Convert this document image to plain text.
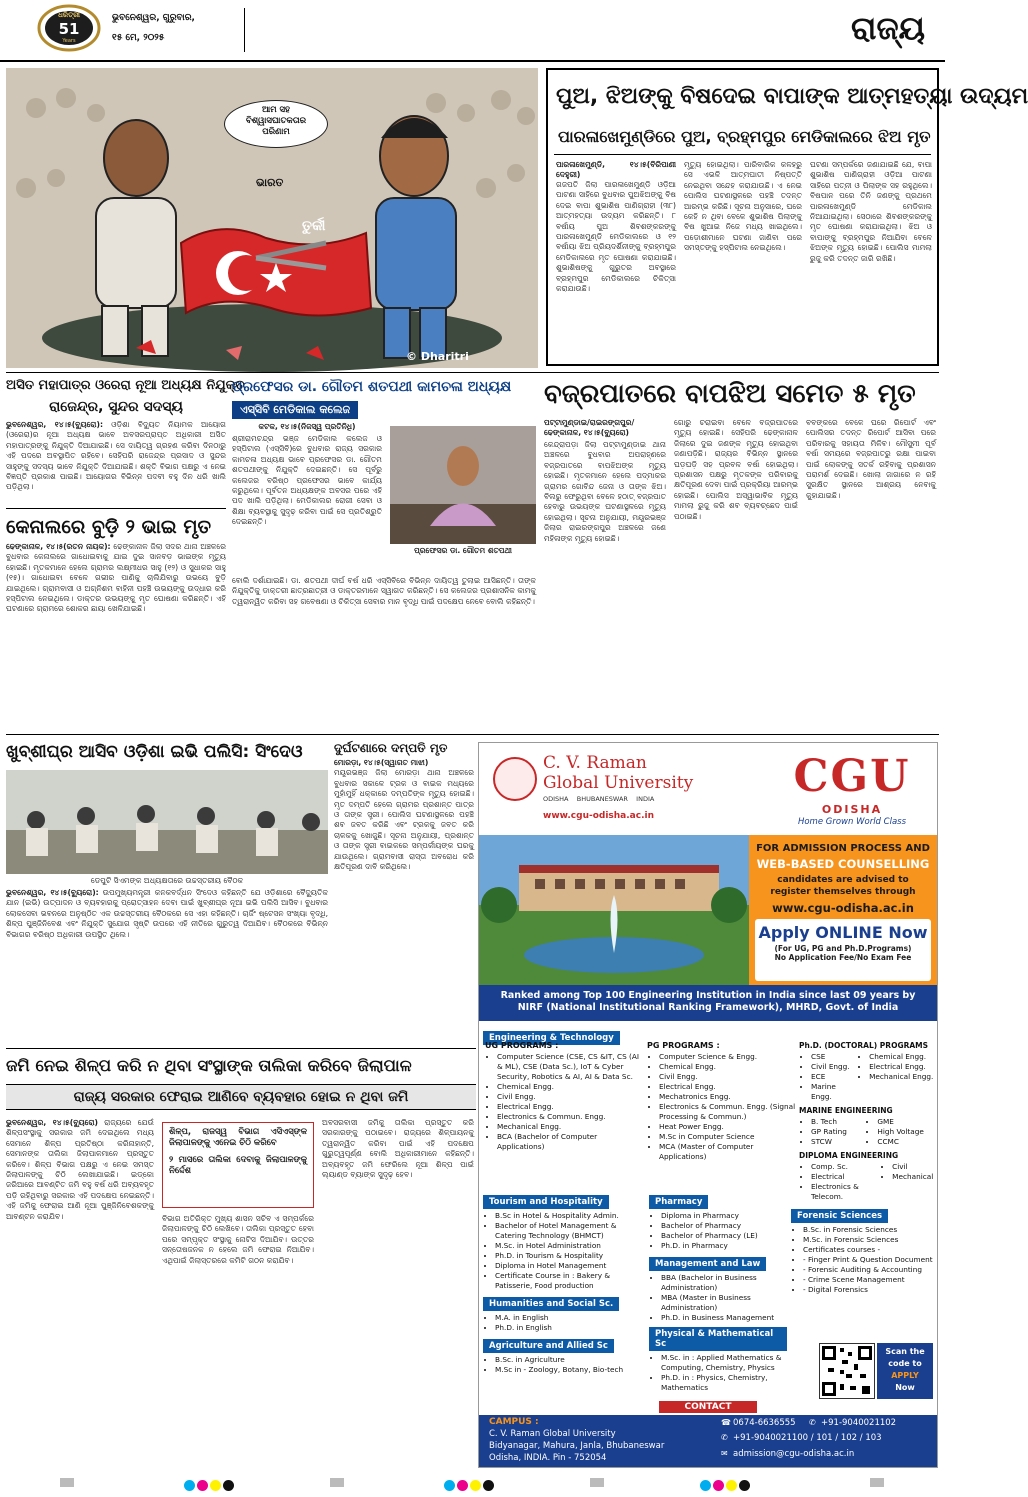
ଧରିତ୍ରୀ
51
Years
ଭୁବନେଶ୍ୱର, ଗୁରୁବାର,
୧୫ ମେ, ୨୦୨୫	ରାଜ୍ୟ
ଆମ ସହ
ବିଶ୍ୱାସଘାତକତାର
ପରିଣାମ
ଭାରତ
ତୁର୍କୀ
© Dharitri
ପୁଅ, ଝିଅଙ୍କୁ ବିଷଦେଇ ବାପାଙ୍କ ଆତ୍ମହତ୍ୟା ଉଦ୍ୟମ
ପାରଳାଖେମୁଣ୍ଡିରେ ପୁଅ, ବ୍ରହ୍ମପୁର ମେଡିକାଲରେ ଝିଅ ମୃତ
ପାରଳାଖେମୁଣ୍ଡି, ୧୪।୫(ବିରିପାଣୀ ଦେହୁରୀ)
ଗଜପତି ଜିଲା ପାରଳାଖେମୁଣ୍ଡି ଓଡ଼ିଆ ପାଟଣା ସାହିରେ ବୁଧବାର ପୁଅଝିଅଙ୍କୁ ବିଷ ଦେଇ ବାପା ଶୁଭାଶିଷ ପାଣିଗ୍ରାହୀ (୩୮) ଆତ୍ମହତ୍ୟା ଉଦ୍ୟମ କରିଛନ୍ତି। ୮ ବର୍ଷୀୟ ପୁଅ ଶିବଶଙ୍କରଙ୍କୁ ପାରଳାଖେମୁଣ୍ଡି ମେଡିକାଲରେ ଓ ୧୨ ବର୍ଷୀୟା ଝିଅ ପ୍ରିୟଦର୍ଶିନୀଙ୍କୁ ବ୍ରହ୍ମପୁର ମେଡିକାଲରେ ମୃତ ଘୋଷଣା କରାଯାଇଛି। ଶୁଭାଶିଷଙ୍କୁ ଗୁରୁତର ଅବସ୍ଥାରେ ବ୍ରହ୍ମପୁର ମେଡିକାଲରେ ଚିକିତ୍ସା କରାଯାଉଛି।
ମୃତ୍ୟୁ ହୋଇଥିଲା। ପାରିବାରିକ କଳହରୁ ସେ ଏଭଳି ଆତ୍ମଘାତୀ ନିଷ୍ପତ୍ତି ନେଇଥିବା ସନ୍ଦେହ କରାଯାଉଛି। ଏ ନେଇ ପୋଲିସ ଘଟଣାସ୍ଥଳରେ ପହଞ୍ଚି ତଦନ୍ତ ଆରମ୍ଭ କରିଛି। ସୂଚନା ଅନୁସାରେ, ଘରେ କେହି ନ ଥିବା ବେଳେ ଶୁଭାଶିଷ ପିଲାଙ୍କୁ ବିଷ ଖୁଆଇ ନିଜେ ମଧ୍ୟ ଖାଇଥିଲେ। ପଡ଼ୋଶୀମାନେ ଘଟଣା ଜାଣିବା ପରେ ସମସ୍ତଙ୍କୁ ହସ୍ପିଟାଲ ନେଇଥିଲେ।
ଘଟଣା ସମ୍ପର୍କରେ ଜଣାଯାଇଛି ଯେ, ବାପା ଶୁଭାଶିଷ ପାଣିଗ୍ରାହୀ ଓଡ଼ିଆ ପାଟଣା ସାହିରେ ପତ୍ନୀ ଓ ପିଲାଙ୍କ ସହ ରହୁଥିଲେ। ବିଷପାନ ପରେ ତିନି ଜଣଙ୍କୁ ପ୍ରଥମେ ପାରଳାଖେମୁଣ୍ଡି ମେଡିକାଲ ନିଆଯାଇଥିଲା। ସେଠାରେ ଶିବଶଙ୍କରଙ୍କୁ ମୃତ ଘୋଷଣା କରାଯାଇଥିଲା। ଝିଅ ଓ ବାପାଙ୍କୁ ବ୍ରହ୍ମପୁର ନିଆଯିବା ବେଳେ ଝିଅଙ୍କ ମୃତ୍ୟୁ ହୋଇଛି। ପୋଲିସ ମାମଲା ରୁଜୁ କରି ତଦନ୍ତ ଜାରି ରଖିଛି।
ଅସିତ ମହାପାତ୍ର ଓରେରା ନୂଆ ଅଧ୍ୟକ୍ଷ ନିଯୁକ୍ତ
ରାଜେନ୍ଦ୍ର, ସୁନ୍ଦର ସଦସ୍ୟ
ଭୁବନେଶ୍ୱର, ୧୪।୫(ବ୍ୟୁରୋ): ଓଡ଼ିଶା ବିଦ୍ୟୁତ ନିୟାମକ ଆୟୋଗ (ଓରେରା)ର ନୂଆ ଅଧ୍ୟକ୍ଷ ଭାବେ ଅବସରପ୍ରାପ୍ତ ଅଧିକାରୀ ଅସିତ ମହାପାତ୍ରଙ୍କୁ ନିଯୁକ୍ତି ଦିଆଯାଇଛି। ସେ ଦାୟିତ୍ୱ ଗ୍ରହଣ କରିବା ଦିନଠାରୁ ଏହି ପଦରେ ଅବସ୍ଥାପିତ ରହିବେ। ସେହିପରି ରାଜେନ୍ଦ୍ର ପ୍ରସାଦ ଓ ସୁନ୍ଦର ସାହୁଙ୍କୁ ସଦସ୍ୟ ଭାବେ ନିଯୁକ୍ତି ଦିଆଯାଇଛି। ଶକ୍ତି ବିଭାଗ ପକ୍ଷରୁ ଏ ନେଇ ବିଜ୍ଞପ୍ତି ପ୍ରକାଶ ପାଇଛି। ଆୟୋଗର ବିଭିନ୍ନ ପଦବୀ ବହୁ ଦିନ ଧରି ଖାଲି ପଡ଼ିଥିଲା।
କେନାଲରେ ବୁଡ଼ି ୨ ଭାଇ ମୃତ
ଢେଙ୍କାନାଳ, ୧୪।୫(ରତନ ନାୟକ): ଢେଙ୍କାନାଳ ଜିଲା ସଦର ଥାନା ଅଞ୍ଚଳରେ ବୁଧବାର କେନାଲରେ ଗାଧୋଇବାକୁ ଯାଇ ଦୁଇ ସାନବଡ଼ ଭାଇଙ୍କ ମୃତ୍ୟୁ ହୋଇଛି। ମୃତକମାନେ ହେଲେ ଗ୍ରାମର ଲକ୍ଷ୍ମୀଧର ସାହୁ (୧୨) ଓ ସୁଧାକର ସାହୁ (୧୫)। ଗାଧୋଇବା ବେଳେ ଗଭୀର ପାଣିକୁ ଚାଲିଯିବାରୁ ଉଭୟେ ବୁଡ଼ି ଯାଇଥିଲେ। ଗ୍ରାମବାସୀ ଓ ଅଗ୍ନିଶମ ବାହିନୀ ପହଞ୍ଚି ଉଭୟଙ୍କୁ ଉଦ୍ଧାର କରି ହସ୍ପିଟାଲ ନେଇଥିଲେ। ଡାକ୍ତର ଉଭୟଙ୍କୁ ମୃତ ଘୋଷଣା କରିଛନ୍ତି। ଏହି ଘଟଣାରେ ଗ୍ରାମରେ ଶୋକର ଛାୟା ଖେଳିଯାଇଛି।
ପ୍ରଫେସର ଡା. ଗୌତମ ଶତପଥୀ କାମଚଳା ଅଧ୍ୟକ୍ଷ
ଏସ୍‌ସିବି ମେଡିକାଲ କଲେଜ
କଟକ, ୧୪।୫(ନିଜସ୍ୱ ପ୍ରତିନିଧି)
ଶ୍ରୀରାମଚନ୍ଦ୍ର ଭଞ୍ଜ ମେଡିକାଲ କଲେଜ ଓ ହସ୍ପିଟାଲ (ଏସ୍‌ସିବି)ରେ ବୁଧବାର ରାଜ୍ୟ ସରକାର କାମଚଳା ଅଧ୍ୟକ୍ଷ ଭାବେ ପ୍ରଫେସର ଡା. ଗୌତମ ଶତପଥୀଙ୍କୁ ନିଯୁକ୍ତି ଦେଇଛନ୍ତି। ସେ ପୂର୍ବରୁ କଲେଜର ବରିଷ୍ଠ ପ୍ରଫେସର ଭାବେ କାର୍ଯ୍ୟ କରୁଥିଲେ। ପୂର୍ବତନ ଅଧ୍ୟକ୍ଷଙ୍କ ଅବସର ପରେ ଏହି ପଦ ଖାଲି ପଡ଼ିଥିଲା। ମେଡିକାଲର ରୋଗୀ ସେବା ଓ ଶିକ୍ଷା ବ୍ୟବସ୍ଥାକୁ ସୁଦୃଢ଼ କରିବା ପାଇଁ ସେ ପ୍ରତିଶ୍ରୁତି ଦେଇଛନ୍ତି।
ପ୍ରଫେସର ଡା. ଗୌତମ ଶତପଥୀ
ବୋଲି ଦର୍ଶାଯାଇଛି। ଡା. ଶତପଥୀ ଦୀର୍ଘ ବର୍ଷ ଧରି ଏସ୍‌ସିବିରେ ବିଭିନ୍ନ ଦାୟିତ୍ୱ ତୁଲାଇ ଆସିଛନ୍ତି। ତାଙ୍କ ନିଯୁକ୍ତିକୁ ଡାକ୍ତରୀ ଛାତ୍ରଛାତ୍ରୀ ଓ ଡାକ୍ତରମାନେ ସ୍ୱାଗତ କରିଛନ୍ତି। ସେ କଲେଜର ପ୍ରଶାସନିକ କାମକୁ ତ୍ୱରାନ୍ୱିତ କରିବା ସହ ଗବେଷଣା ଓ ଚିକିତ୍ସା ସେବାର ମାନ ବୃଦ୍ଧି ପାଇଁ ପଦକ୍ଷେପ ନେବେ ବୋଲି କହିଛନ୍ତି।
ବଜ୍ରପାତରେ ବାପଝିଅ ସମେତ ୫ ମୃତ
ପଟ୍ଟାମୁଣ୍ଡାଇ/ରାଇରଙ୍ଗପୁର/ଢେଙ୍କାନାଳ, ୧୪।୫(ବ୍ୟୁରୋ)
କେନ୍ଦ୍ରାପଡ଼ା ଜିଲା ପଟ୍ଟାମୁଣ୍ଡାଇ ଥାନା ଅଞ୍ଚଳରେ ବୁଧବାର ଅପରାହ୍ଣରେ ବଜ୍ରପାତରେ ବାପଝିଅଙ୍କ ମୃତ୍ୟୁ ହୋଇଛି। ମୃତକମାନେ ହେଲେ ପଦ୍ମାକର ଗ୍ରାମର ଗୋବିନ୍ଦ ଜେନା ଓ ତାଙ୍କ ଝିଅ। ବିଲରୁ ଫେରୁଥିବା ବେଳେ ହଠାତ୍ ବଜ୍ରପାତ ହେବାରୁ ଉଭୟଙ୍କ ଘଟଣାସ୍ଥଳରେ ମୃତ୍ୟୁ ହୋଇଥିଲା। ସୂଚନା ଅନୁଯାୟୀ, ମୟୂରଭଞ୍ଜ ଜିଲାର ରାଇରଙ୍ଗପୁର ଅଞ୍ଚଳରେ ଜଣେ ମହିଳାଙ୍କ ମୃତ୍ୟୁ ହୋଇଛି।
ଗୋରୁ ଚରାଇବା ବେଳେ ବଜ୍ରପାତରେ ମୃତ୍ୟୁ ହୋଇଛି। ସେହିପରି ଢେଙ୍କାନାଳ ଜିଲାରେ ଦୁଇ ଜଣଙ୍କ ମୃତ୍ୟୁ ହୋଇଥିବା ଜଣାପଡ଼ିଛି। ରାଜ୍ୟର ବିଭିନ୍ନ ସ୍ଥାନରେ ଘଡ଼ଘଡ଼ି ସହ ପ୍ରବଳ ବର୍ଷା ହୋଇଥିଲା। ପ୍ରଶାସନ ପକ୍ଷରୁ ମୃତକଙ୍କ ପରିବାରକୁ କ୍ଷତିପୂରଣ ଦେବା ପାଇଁ ପ୍ରକ୍ରିୟା ଆରମ୍ଭ ହୋଇଛି। ପୋଲିସ ଅସ୍ୱାଭାବିକ ମୃତ୍ୟୁ ମାମଲା ରୁଜୁ କରି ଶବ ବ୍ୟବଚ୍ଛେଦ ପାଇଁ ପଠାଇଛି।
ବବଙ୍କରେ ବେଳେ ଘରେ ରିପୋର୍ଟ ଏବଂ ପୋଲିସର ତଦନ୍ତ ରିପୋର୍ଟ ଆସିବା ପରେ ପରିବାରକୁ ସହାୟତା ମିଳିବ। ମୌସୁମୀ ପୂର୍ବ ବର୍ଷା ସମୟରେ ବଜ୍ରପାତରୁ ରକ୍ଷା ପାଇବା ପାଇଁ ଲୋକଙ୍କୁ ସତର୍କ ରହିବାକୁ ପ୍ରଶାସନ ପରାମର୍ଶ ଦେଇଛି। ଖୋଲା ଜାଗାରେ ନ ରହି ସୁରକ୍ଷିତ ସ୍ଥାନରେ ଆଶ୍ରୟ ନେବାକୁ କୁହାଯାଇଛି।
ଖୁବ୍‌ଶୀଘ୍ର ଆସିବ ଓଡ଼ିଶା ଇଭି ପଲିସି: ସିଂଦେଓ
ଡେପୁଟି ସିଏମଙ୍କ ଅଧ୍ୟକ୍ଷତାରେ ଉଚ୍ଚସ୍ତରୀୟ ବୈଠକ
ଭୁବନେଶ୍ୱର, ୧୪।୫(ବ୍ୟୁରୋ): ଉପମୁଖ୍ୟମନ୍ତ୍ରୀ କନକବର୍ଦ୍ଧନ ସିଂଦେଓ କହିଛନ୍ତି ଯେ ଓଡ଼ିଶାରେ ବୈଦ୍ୟୁତିକ ଯାନ (ଇଭି) ଉତ୍ପାଦନ ଓ ବ୍ୟବହାରକୁ ପ୍ରୋତ୍ସାହନ ଦେବା ପାଇଁ ଖୁବ୍‌ଶୀଘ୍ର ନୂଆ ଇଭି ପଲିସି ଆସିବ। ବୁଧବାର ଲୋକସେବା ଭବନରେ ଅନୁଷ୍ଠିତ ଏକ ଉଚ୍ଚସ୍ତରୀୟ ବୈଠକରେ ସେ ଏହା କହିଛନ୍ତି। ଚାର୍ଜିଂ ଷ୍ଟେସନ ସଂଖ୍ୟା ବୃଦ୍ଧି, ଶିଳ୍ପ ପୁଞ୍ଜିନିବେଶ ଏବଂ ନିଯୁକ୍ତି ସୁଯୋଗ ସୃଷ୍ଟି ଉପରେ ଏହି ନୀତିରେ ଗୁରୁତ୍ୱ ଦିଆଯିବ। ବୈଠକରେ ବିଭିନ୍ନ ବିଭାଗର ବରିଷ୍ଠ ଅଧିକାରୀ ଉପସ୍ଥିତ ଥିଲେ।
ଦୁର୍ଘଟଣାରେ ଦମ୍ପତି ମୃତ
ମୋରଡ଼ା, ୧୪।୫(ସ୍ୱାଗତ ମାଝୀ)
ମୟୂରଭଞ୍ଜ ଜିଲା ମୋରଡ଼ା ଥାନା ଅଞ୍ଚଳରେ ବୁଧବାର ସକାଳେ ଟ୍ରକ ଓ ବାଇକ ମଧ୍ୟରେ ମୁହାଁମୁହିଁ ଧକ୍କାରେ ଦମ୍ପତିଙ୍କ ମୃତ୍ୟୁ ହୋଇଛି। ମୃତ ଦମ୍ପତି ହେଲେ ଗ୍ରାମର ପ୍ରଶାନ୍ତ ପାତ୍ର ଓ ତାଙ୍କ ସ୍ତ୍ରୀ। ପୋଲିସ ଘଟଣାସ୍ଥଳରେ ପହଞ୍ଚି ଶବ ଜବତ କରିଛି ଏବଂ ଟ୍ରକକୁ ଜବତ କରି ଚାଳକକୁ ଖୋଜୁଛି। ସୂଚନା ଅନୁଯାୟୀ, ପ୍ରଶାନ୍ତ ଓ ତାଙ୍କ ସ୍ତ୍ରୀ ବାଇକରେ ସମ୍ପର୍କୀୟଙ୍କ ଘରକୁ ଯାଉଥିଲେ। ଗ୍ରାମବାସୀ ରାସ୍ତା ଅବରୋଧ କରି କ୍ଷତିପୂରଣ ଦାବି କରିଥିଲେ।
ଜମି ନେଇ ଶିଳ୍ପ କରି ନ ଥିବା ସଂସ୍ଥାଙ୍କ ତାଲିକା କରିବେ ଜିଲାପାଳ
ରାଜ୍ୟ ସରକାର ଫେରାଇ ଆଣିବେ ବ୍ୟବହାର ହୋଇ ନ ଥିବା ଜମି
ଭୁବନେଶ୍ୱର, ୧୪।୫(ବ୍ୟୁରୋ) ରାଜ୍ୟରେ ଯେଉଁ ଶିଳ୍ପସଂସ୍ଥାକୁ ସରକାର ଜମି ଦେଇଥିଲେ ମଧ୍ୟ ସେମାନେ ଶିଳ୍ପ ପ୍ରତିଷ୍ଠା କରିନାହାନ୍ତି, ସେମାନଙ୍କ ତାଲିକା ଜିଲାପାଳମାନେ ପ୍ରସ୍ତୁତ କରିବେ। ଶିଳ୍ପ ବିଭାଗ ପକ୍ଷରୁ ଏ ନେଇ ସମସ୍ତ ଜିଲାପାଳଙ୍କୁ ଚିଠି ଲେଖାଯାଇଛି। ଇଡ୍‌କୋ ଜରିଆରେ ଆବଣ୍ଟିତ ଜମି ବହୁ ବର୍ଷ ଧରି ଅବ୍ୟବହୃତ ପଡ଼ି ରହିଥିବାରୁ ସରକାର ଏହି ପଦକ୍ଷେପ ନେଇଛନ୍ତି। ଏହି ଜମିକୁ ଫେରାଇ ଆଣି ନୂଆ ପୁଞ୍ଜିନିବେଶକଙ୍କୁ ଆବଣ୍ଟନ କରାଯିବ।
ଶିଳ୍ପ, ରାଜସ୍ୱ ବିଭାଗ ଏସିଏସ୍‌ଙ୍କ ଜିଲାପାଳଙ୍କୁ ଏନେଇ ଚିଠି କରିବେ
୨ ମାସରେ ତାଲିକା ଦେବାକୁ ଜିଲାପାଳଙ୍କୁ ନିର୍ଦ୍ଦେଶ
ବିଭାଗ ଅତିରିକ୍ତ ମୁଖ୍ୟ ଶାସନ ସଚିବ ଏ ସମ୍ପର୍କରେ ଜିଲାପାଳଙ୍କୁ ଚିଠି ଲେଖିବେ। ତାଲିକା ପ୍ରସ୍ତୁତ ହେବା ପରେ ସମ୍ପୃକ୍ତ ସଂସ୍ଥାକୁ ନୋଟିସ ଦିଆଯିବ। ଉତ୍ତର ସନ୍ତୋଷଜନକ ନ ହେଲେ ଜମି ଫେରାଇ ନିଆଯିବ। ଏଥିପାଇଁ ଜିଲାସ୍ତରରେ କମିଟି ଗଠନ କରାଯିବ।
ଅବସରବାସୀ ଜମିକୁ ତାଲିକା ପ୍ରସ୍ତୁତ କରି ସରକାରଙ୍କୁ ପଠାଇବେ। ରାଜ୍ୟରେ ଶିଳ୍ପାୟନକୁ ତ୍ୱରାନ୍ୱିତ କରିବା ପାଇଁ ଏହି ପଦକ୍ଷେପ ଗୁରୁତ୍ୱପୂର୍ଣ୍ଣ ବୋଲି ଅଧିକାରୀମାନେ କହିଛନ୍ତି। ଅବ୍ୟବହୃତ ଜମି ଫେରିଲେ ନୂଆ ଶିଳ୍ପ ପାଇଁ ଲ୍ୟାଣ୍ଡ ବ୍ୟାଙ୍କ ସୁଦୃଢ଼ ହେବ।
C. V. Raman
Global University
ODISHA    BHUBANESWAR    INDIA
www.cgu-odisha.ac.in
CGU
ODISHA
Home Grown World Class
FOR ADMISSION PROCESS AND
WEB-BASED COUNSELLING
candidates are advised to
register themselves through
www.cgu-odisha.ac.in
Apply ONLINE Now
(For UG, PG and Ph.D.Programs)
No Application Fee/No Exam Fee
Ranked among Top 100 Engineering Institution in India since last 09 years by NIRF (National Institutional Ranking Framework), MHRD, Govt. of India
Engineering & Technology
UG PROGRAMS :
• Computer Science (CSE, CS &IT, CS (AI & ML), CSE (Data Sc.), IoT & Cyber Security, Robotics & AI, AI & Data Sc.
• Chemical Engg.
• Civil Engg.
• Electrical Engg.
• Electronics & Commun. Engg.
• Mechanical Engg.
• BCA (Bachelor of Computer Applications)
PG PROGRAMS :
• Computer Science & Engg.
• Chemical Engg.
• Civil Engg.
• Electrical Engg.
• Mechatronics Engg.
• Electronics & Commun. Engg. (Signal Processing & Commun.)
• Heat Power Engg.
• M.Sc in Computer Science
• MCA (Master of Computer Applications)
Ph.D. (DOCTORAL) PROGRAMS
• CSE
• Civil Engg.
• ECE
• Marine Engg.
• Chemical Engg.
• Electrical Engg.
• Mechanical Engg.
MARINE ENGINEERING
• B. Tech
• GP Rating
• STCW
• GME
• High Voltage
• CCMC
DIPLOMA ENGINEERING
• Comp. Sc.
• Electrical
• Electronics & Telecom.
• Civil
• Mechanical
Tourism and Hospitality
• B.Sc in Hotel & Hospitality Admin.
• Bachelor of Hotel Management & Catering Technology (BHMCT)
• M.Sc. in Hotel Administration
• Ph.D. in Tourism & Hospitality
• Diploma in Hotel Management
• Certificate Course in : Bakery & Patisserie, Food production
Humanities and Social Sc.
• M.A. in English
• Ph.D. in English
Agriculture and Allied Sc
• B.Sc. in Agriculture
• M.Sc in - Zoology, Botany, Bio-tech
Pharmacy
• Diploma in Pharmacy
• Bachelor of Pharmacy
• Bachelor of Pharmacy (LE)
• Ph.D. in Pharmacy
Management and Law
• BBA (Bachelor in Business Administration)
• MBA (Master in Business Administration)
• Ph.D. in Business Management
Physical & Mathematical Sc
• M.Sc. in : Applied Mathematics & Computing, Chemistry, Physics
• Ph.D. in : Physics, Chemistry, Mathematics
Forensic Sciences
• B.Sc. in Forensic Sciences
• M.Sc. in Forensic Sciences
• Certificates courses -
• - Finger Print & Question Document
• - Forensic Auditing & Accounting
• - Crime Scene Management
• - Digital Forensics
Scan the
code to
APPLY
Now
CONTACT
CAMPUS :
C. V. Raman Global University
Bidyanagar, Mahura, Janla, Bhubaneswar
Odisha, INDIA. Pin - 752054
☎ 0674-6636555 ✆ +91-9040021102
✆ +91-9040021100 / 101 / 102 / 103
✉ admission@cgu-odisha.ac.in
